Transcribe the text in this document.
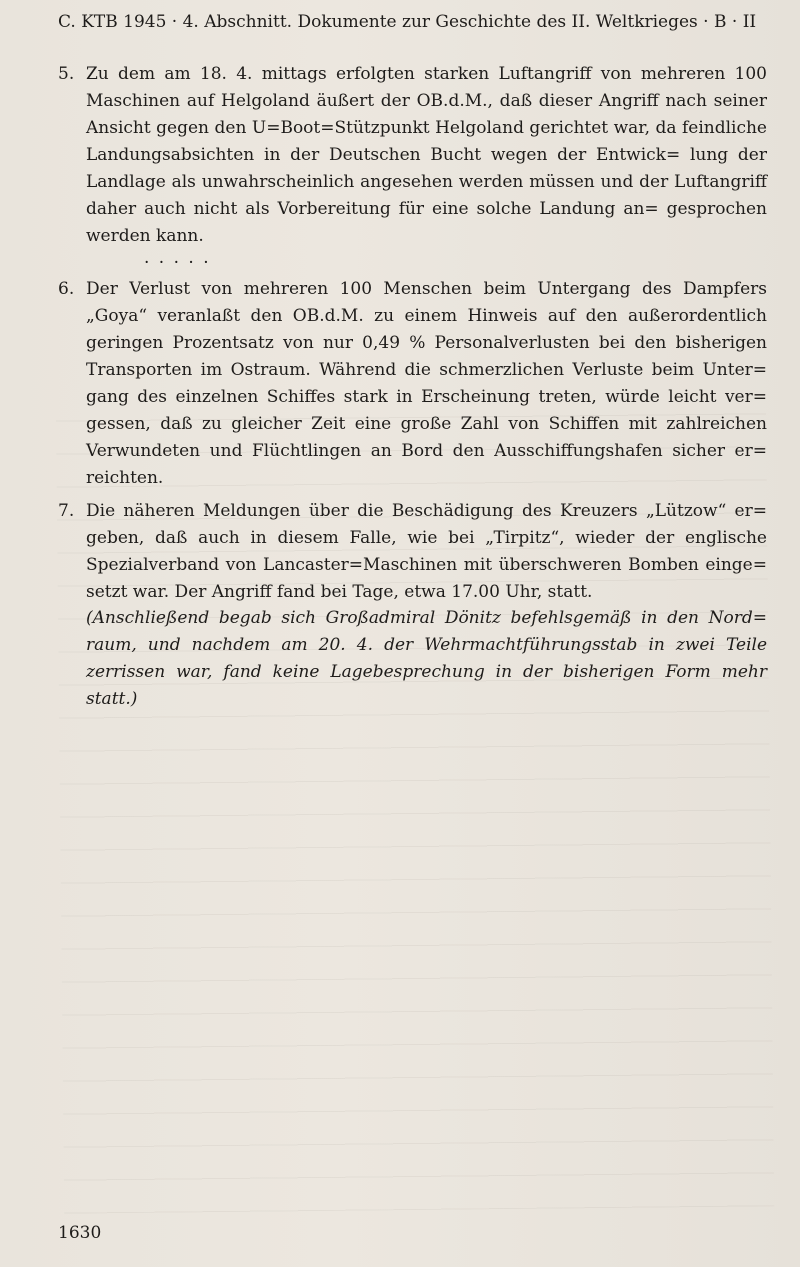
C. KTB 1945 · 4. Abschnitt. Dokumente zur Geschichte des II. Weltkrieges · B · II
5. Zu dem am 18. 4. mittags erfolgten starken Luftangriff von mehreren 100 Maschinen auf Helgoland äußert der OB.d.M., daß dieser Angriff nach seiner Ansicht gegen den U=Boot=Stützpunkt Helgoland gerichtet war, da feindliche Landungsabsichten in der Deutschen Bucht wegen der Entwick= lung der Landlage als unwahrscheinlich angesehen werden müssen und der Luftangriff daher auch nicht als Vorbereitung für eine solche Landung an= gesprochen werden kann.
· · · · ·
6. Der Verlust von mehreren 100 Menschen beim Untergang des Dampfers „Goya“ veranlaßt den OB.d.M. zu einem Hinweis auf den außerordentlich geringen Prozentsatz von nur 0,49 % Personalverlusten bei den bisherigen Transporten im Ostraum. Während die schmerzlichen Verluste beim Unter= gang des einzelnen Schiffes stark in Erscheinung treten, würde leicht ver= gessen, daß zu gleicher Zeit eine große Zahl von Schiffen mit zahlreichen Verwundeten und Flüchtlingen an Bord den Ausschiffungshafen sicher er= reichten.
7. Die näheren Meldungen über die Beschädigung des Kreuzers „Lützow“ er= geben, daß auch in diesem Falle, wie bei „Tirpitz“, wieder der englische Spezialverband von Lancaster=Maschinen mit überschweren Bomben einge= setzt war. Der Angriff fand bei Tage, etwa 17.00 Uhr, statt.
(Anschließend begab sich Großadmiral Dönitz befehlsgemäß in den Nord= raum, und nachdem am 20. 4. der Wehrmachtführungsstab in zwei Teile zerrissen war, fand keine Lagebesprechung in der bisherigen Form mehr statt.)
1630
